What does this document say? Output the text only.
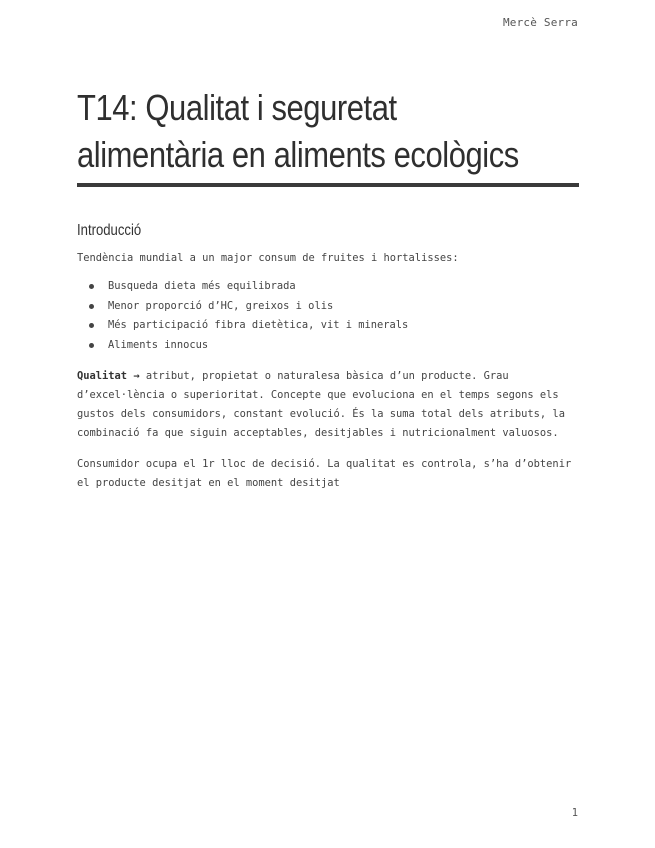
Mercè Serra
T14: Qualitat i seguretat
alimentària en aliments ecològics
Introducció

Tendència mundial a un major consum de fruites i hortalisses:

Busqueda dieta més equilibrada
Menor proporció d’HC, greixos i olis
Més participació fibra dietètica, vit i minerals
Aliments innocus

Qualitat → atribut, propietat o naturalesa bàsica d’un producte. Grau d’excel·lència o superioritat. Concepte que evoluciona en el temps segons els gustos dels consumidors, constant evolució. És la suma total dels atributs, la combinació fa que siguin acceptables, desitjables i nutricionalment valuosos.

Consumidor ocupa el 1r lloc de decisió. La qualitat es controla, s’ha d’obtenir el producte desitjat en el moment desitjat

1
